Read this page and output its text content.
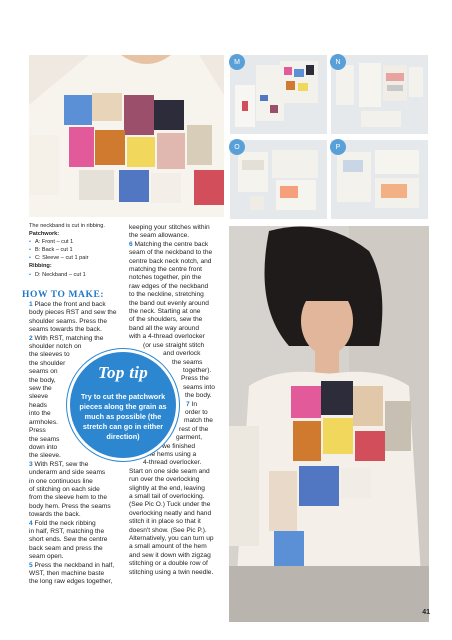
M	N
O	P
The neckband is cut in ribbing.
Patchwork:
• A: Front – cut 1
• B: Back – cut 1
• C: Sleeve – cut 1 pair
Ribbing:
• D: Neckband – cut 1
HOW TO MAKE:
1 Place the front and back
body pieces RST and sew the
shoulder seams. Press the
seams towards the back.
2 With RST, matching the
shoulder notch on
the sleeves to
the shoulder
seams on
the body,
sew the
sleeve
heads
into the
armholes.
Press
the seams
down into
the sleeve.
3 With RST, sew the
underarm and side seams
in one continuous line
of stitching on each side
from the sleeve hem to the
body hem. Press the seams
towards the back.
4 Fold the neck ribbing
in half, RST, matching the
short ends. Sew the centre
back seam and press the
seam open.
5 Press the neckband in half,
WST, then machine baste
the long raw edges together,
keeping your stitches within
the seam allowance.
6 Matching the centre back
seam of the neckband to the
centre back neck notch, and
matching the centre front
notches together, pin the
raw edges of the neckband
to the neckline, stretching
the band out evenly around
the neck. Starting at one
of the shoulders, sew the
band all the way around
with a 4-thread overlocker
(or use straight stitch
and overlock
the seams
together).
Press the
seams into
the body.
7 In
order to
match the
rest of the
garment,
we finished
the hems using a
4-thread overlocker.
Start on one side seam and
run over the overlocking
slightly at the end, leaving
a small tail of overlocking.
(See Pic O.) Tuck under the
overlocking neatly and hand
stitch it in place so that it
doesn't show. (See Pic P.).
Alternatively, you can turn up
a small amount of the hem
and sew it down with zigzag
stitching or a double row of
stitching using a twin needle.
Top tip
Try to cut the patchwork pieces along the grain as much as possible (the stretch can go in either direction)
41
